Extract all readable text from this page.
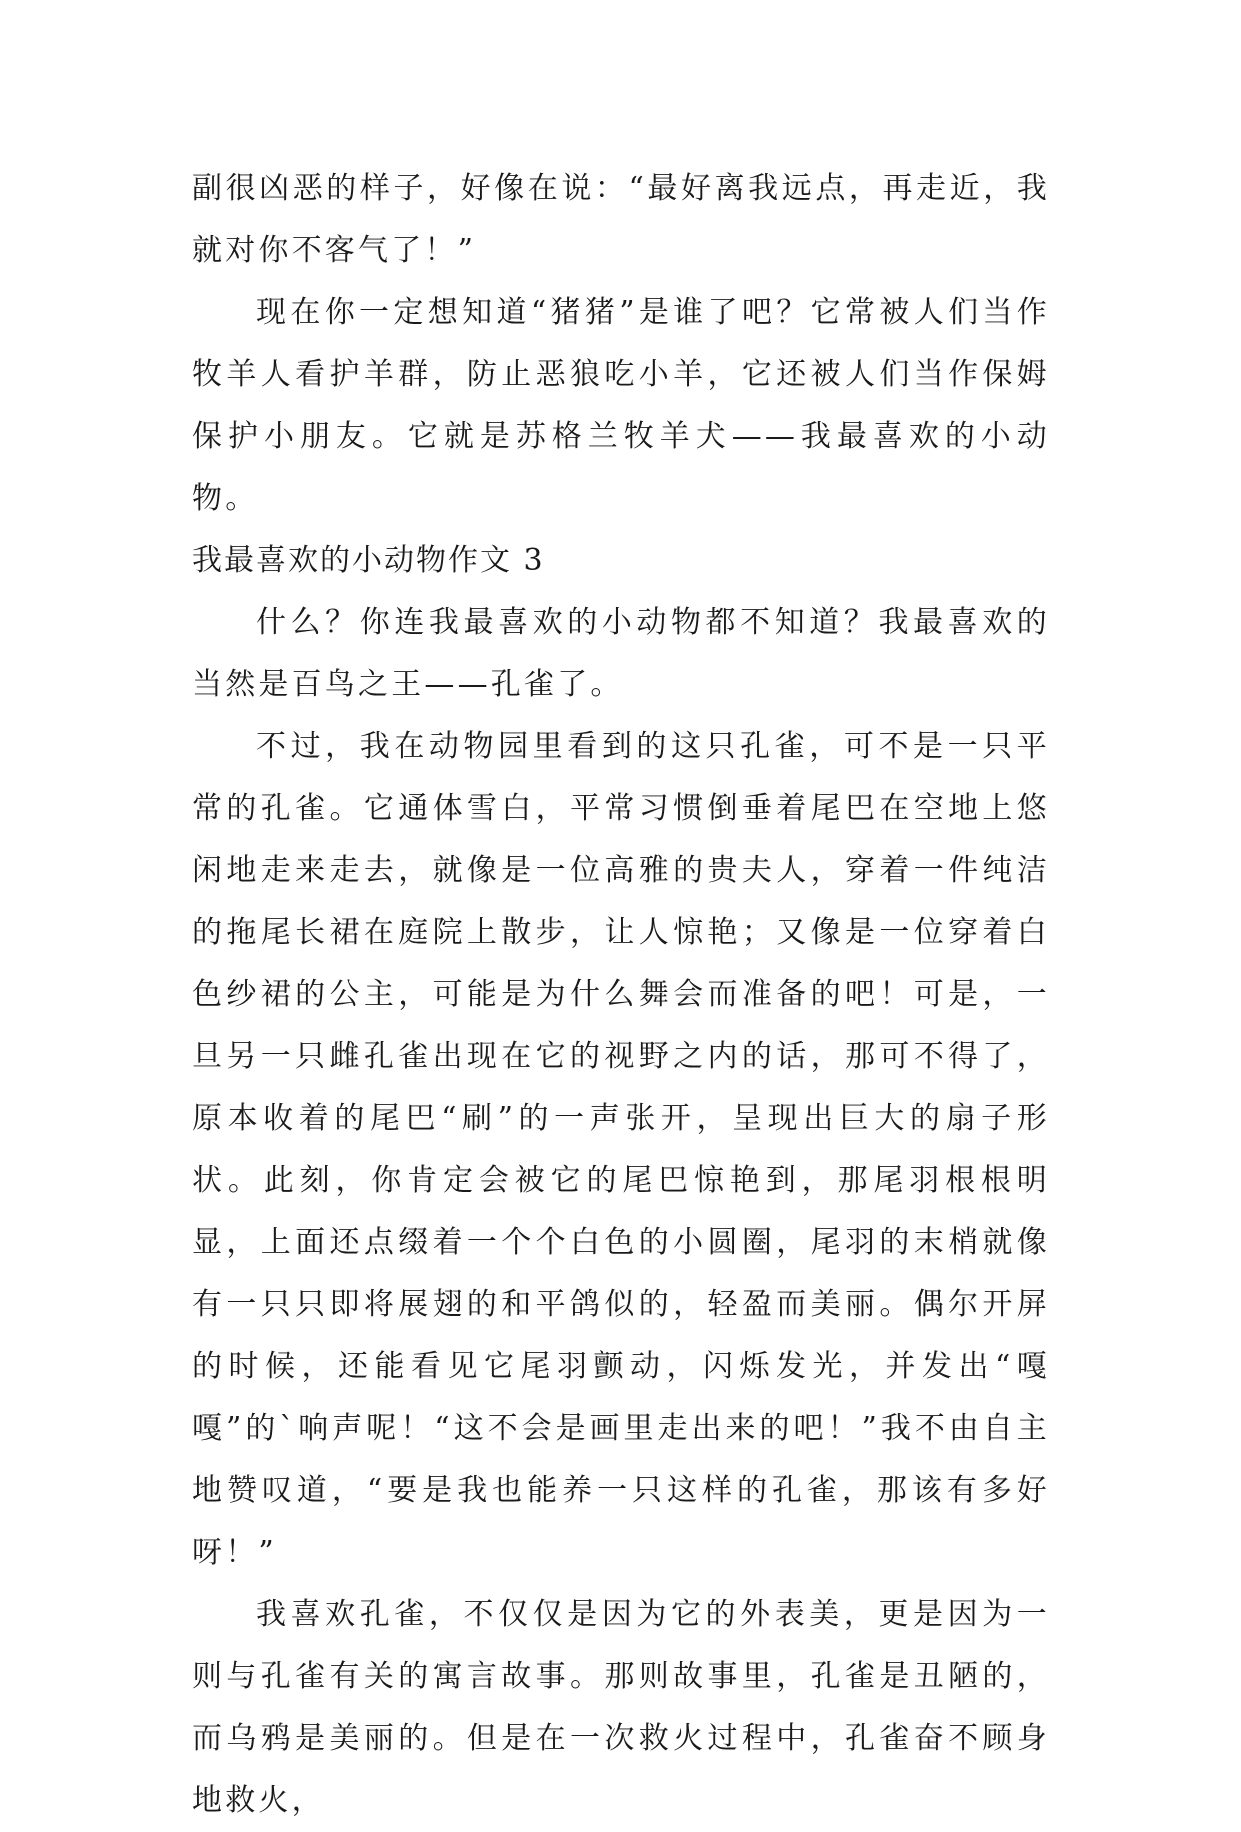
副很凶恶的样子，好像在说：“最好离我远点，再走近，我就对你不客气了！”

现在你一定想知道“猪猪”是谁了吧？它常被人们当作牧羊人看护羊群，防止恶狼吃小羊，它还被人们当作保姆保护小朋友。它就是苏格兰牧羊犬——我最喜欢的小动物。

我最喜欢的小动物作文 3

什么？你连我最喜欢的小动物都不知道？我最喜欢的当然是百鸟之王——孔雀了。

不过，我在动物园里看到的这只孔雀，可不是一只平常的孔雀。它通体雪白，平常习惯倒垂着尾巴在空地上悠闲地走来走去，就像是一位高雅的贵夫人，穿着一件纯洁的拖尾长裙在庭院上散步，让人惊艳；又像是一位穿着白色纱裙的公主，可能是为什么舞会而准备的吧！可是，一旦另一只雌孔雀出现在它的视野之内的话，那可不得了，原本收着的尾巴“刷”的一声张开，呈现出巨大的扇子形状。此刻，你肯定会被它的尾巴惊艳到，那尾羽根根明显，上面还点缀着一个个白色的小圆圈，尾羽的末梢就像有一只只即将展翅的和平鸽似的，轻盈而美丽。偶尔开屏的时候，还能看见它尾羽颤动，闪烁发光，并发出“嘎嘎”的`响声呢！“这不会是画里走出来的吧！”我不由自主地赞叹道，“要是我也能养一只这样的孔雀，那该有多好呀！”

我喜欢孔雀，不仅仅是因为它的外表美，更是因为一则与孔雀有关的寓言故事。那则故事里，孔雀是丑陋的，而乌鸦是美丽的。但是在一次救火过程中，孔雀奋不顾身地救火，
